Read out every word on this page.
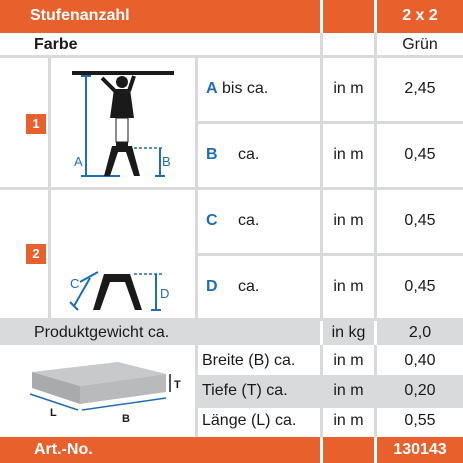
Stufenanzahl	2 x 2
Farbe	Grün
1
A	B
A bis ca.	in m	2,45
B ca.	in m	0,45
2
C
D
C ca.	in m	0,45
D ca.	in m	0,45
Produktgewicht ca.	in kg	2,0
T
L	B
Breite (B) ca.	in m	0,40
Tiefe (T) ca.	in m	0,20
Länge (L) ca.	in m	0,55
Art.-No.	130143
